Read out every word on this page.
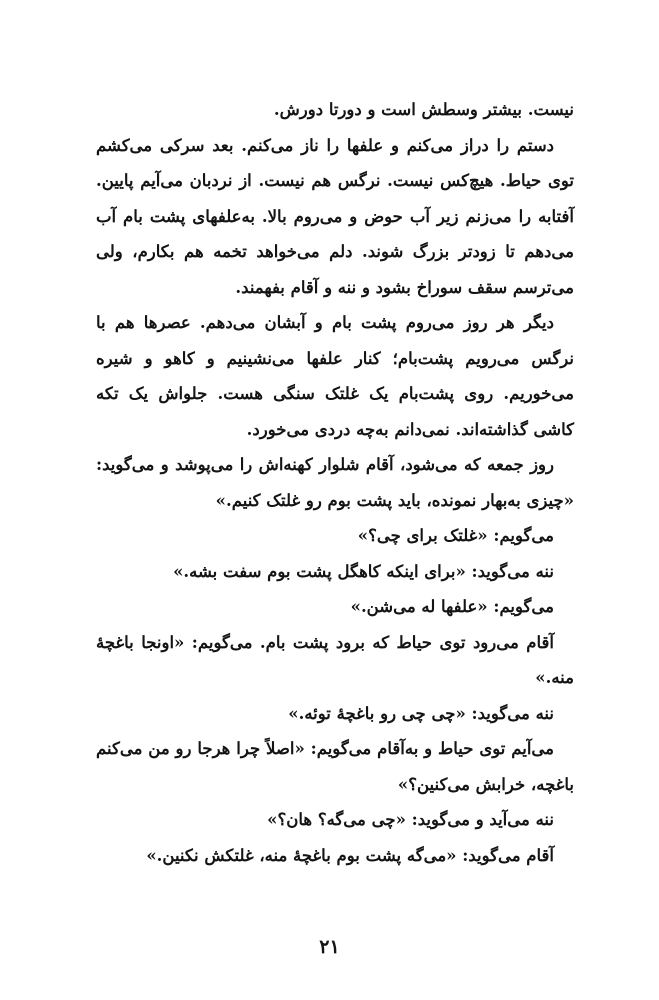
نیست. بیشتر وسطش است و دورتا دورش.

دستم را دراز می‌کنم و علفها را ناز می‌کنم. بعد سرکی می‌کشم توی حیاط. هیچ‌کس نیست. نرگس هم نیست. از نردبان می‌آیم پایین. آفتابه را می‌زنم زیر آب حوض و می‌روم بالا. به‌علفهای پشت بام آب می‌دهم تا زودتر بزرگ شوند. دلم می‌خواهد تخمه هم بکارم، ولی می‌ترسم سقف سوراخ بشود و ننه و آقام بفهمند.

دیگر هر روز می‌روم پشت بام و آبشان می‌دهم. عصرها هم با نرگس می‌رویم پشت‌بام؛ کنار علفها می‌نشینیم و کاهو و شیره می‌خوریم. روی پشت‌بام یک غلتک سنگی هست. جلواش یک تکه کاشی گذاشته‌اند. نمی‌دانم به‌چه دردی می‌خورد.

روز جمعه که می‌شود، آقام شلوار کهنه‌اش را می‌پوشد و می‌گوید: «چیزی به‌بهار نمونده، باید پشت بوم رو غلتک کنیم.»

می‌گویم: «غلتک برای چی؟»

ننه می‌گوید: «برای اینکه کاهگل پشت بوم سفت بشه.»

می‌گویم: «علفها له می‌شن.»

آقام می‌رود توی حیاط که برود پشت بام. می‌گویم: «اونجا باغچهٔ منه.»

ننه می‌گوید: «چی چی رو باغچهٔ توئه.»

می‌آیم توی حیاط و به‌آقام می‌گویم: «اصلاً چرا هرجا رو من می‌کنم باغچه، خرابش می‌کنین؟»

ننه می‌آید و می‌گوید: «چی می‌گه؟ هان؟»

آقام می‌گوید: «می‌گه پشت بوم باغچهٔ منه، غلتکش نکنین.»

۲۱
